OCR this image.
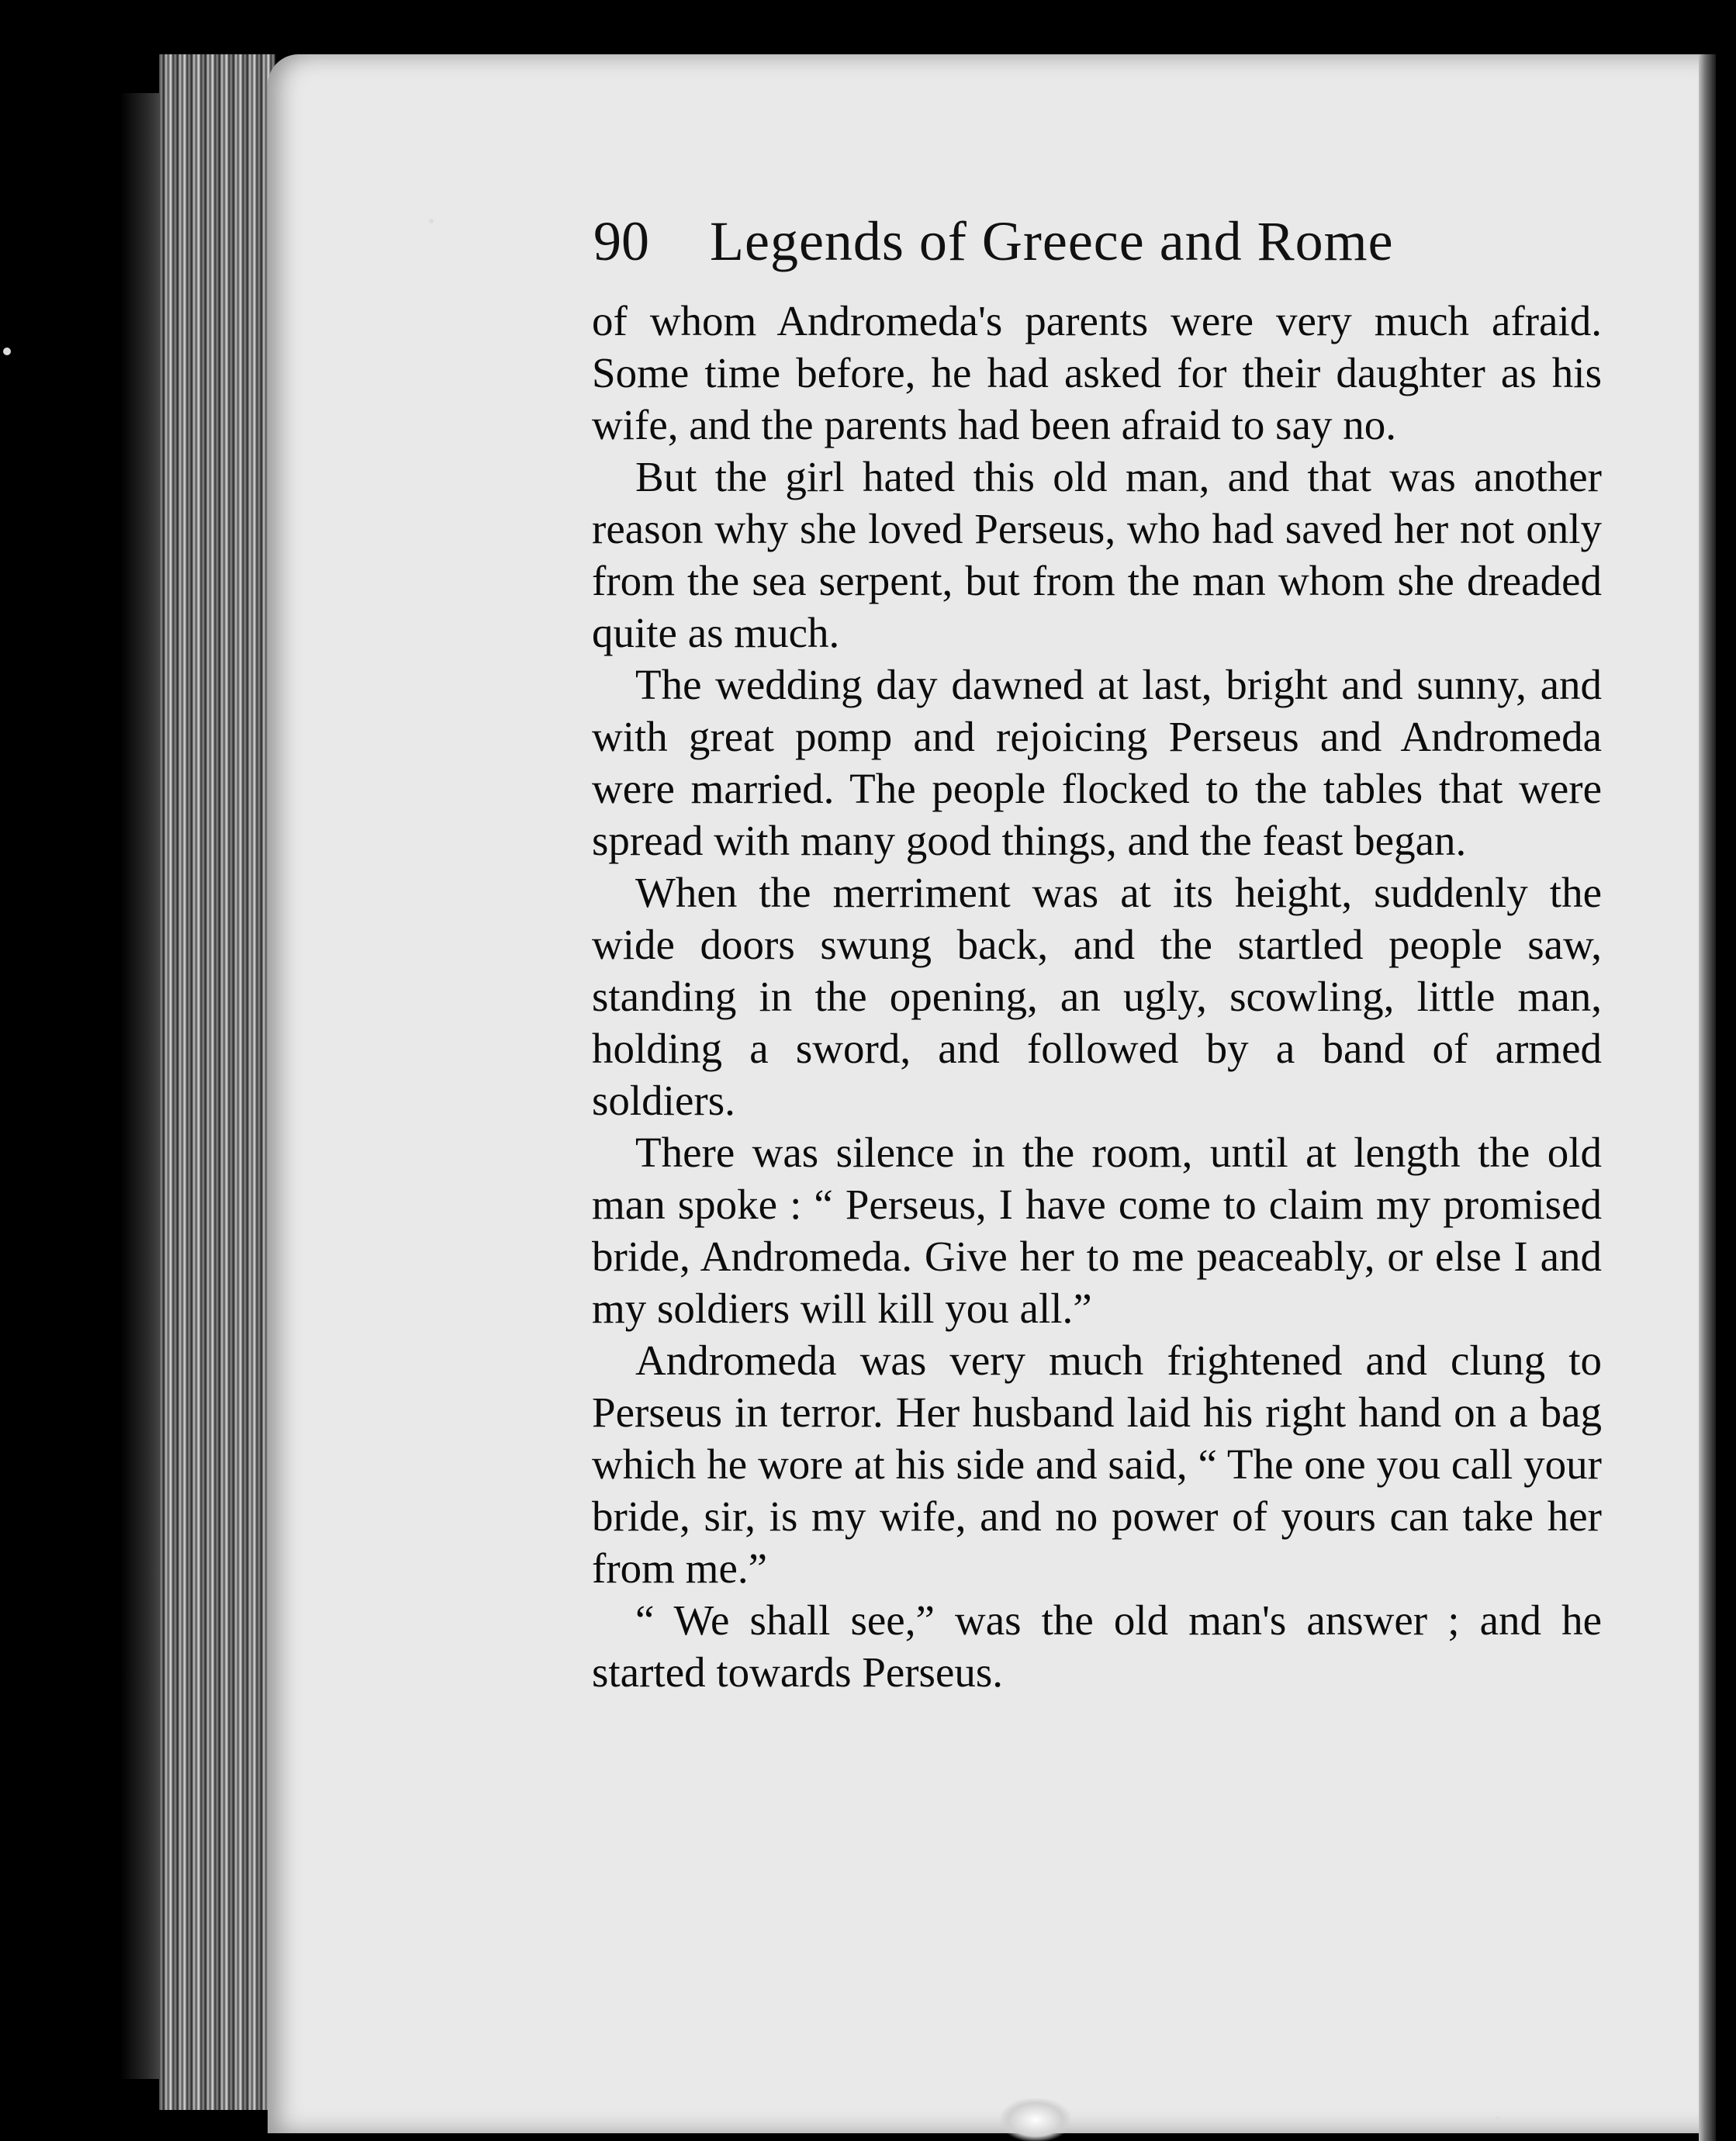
90 Legends of Greece and Rome

of whom Andromeda's parents were very much afraid. Some time before, he had asked for their daughter as his wife, and the parents had been afraid to say no.

But the girl hated this old man, and that was another reason why she loved Perseus, who had saved her not only from the sea serpent, but from the man whom she dreaded quite as much.

The wedding day dawned at last, bright and sunny, and with great pomp and rejoicing Perseus and Andromeda were married. The people flocked to the tables that were spread with many good things, and the feast began.

When the merriment was at its height, suddenly the wide doors swung back, and the startled people saw, standing in the opening, an ugly, scowling, little man, holding a sword, and followed by a band of armed soldiers.

There was silence in the room, until at length the old man spoke : “ Perseus, I have come to claim my promised bride, Andromeda. Give her to me peaceably, or else I and my soldiers will kill you all.”

Andromeda was very much frightened and clung to Perseus in terror. Her husband laid his right hand on a bag which he wore at his side and said, “ The one you call your bride, sir, is my wife, and no power of yours can take her from me.”

“ We shall see,” was the old man's answer ; and he started towards Perseus.
